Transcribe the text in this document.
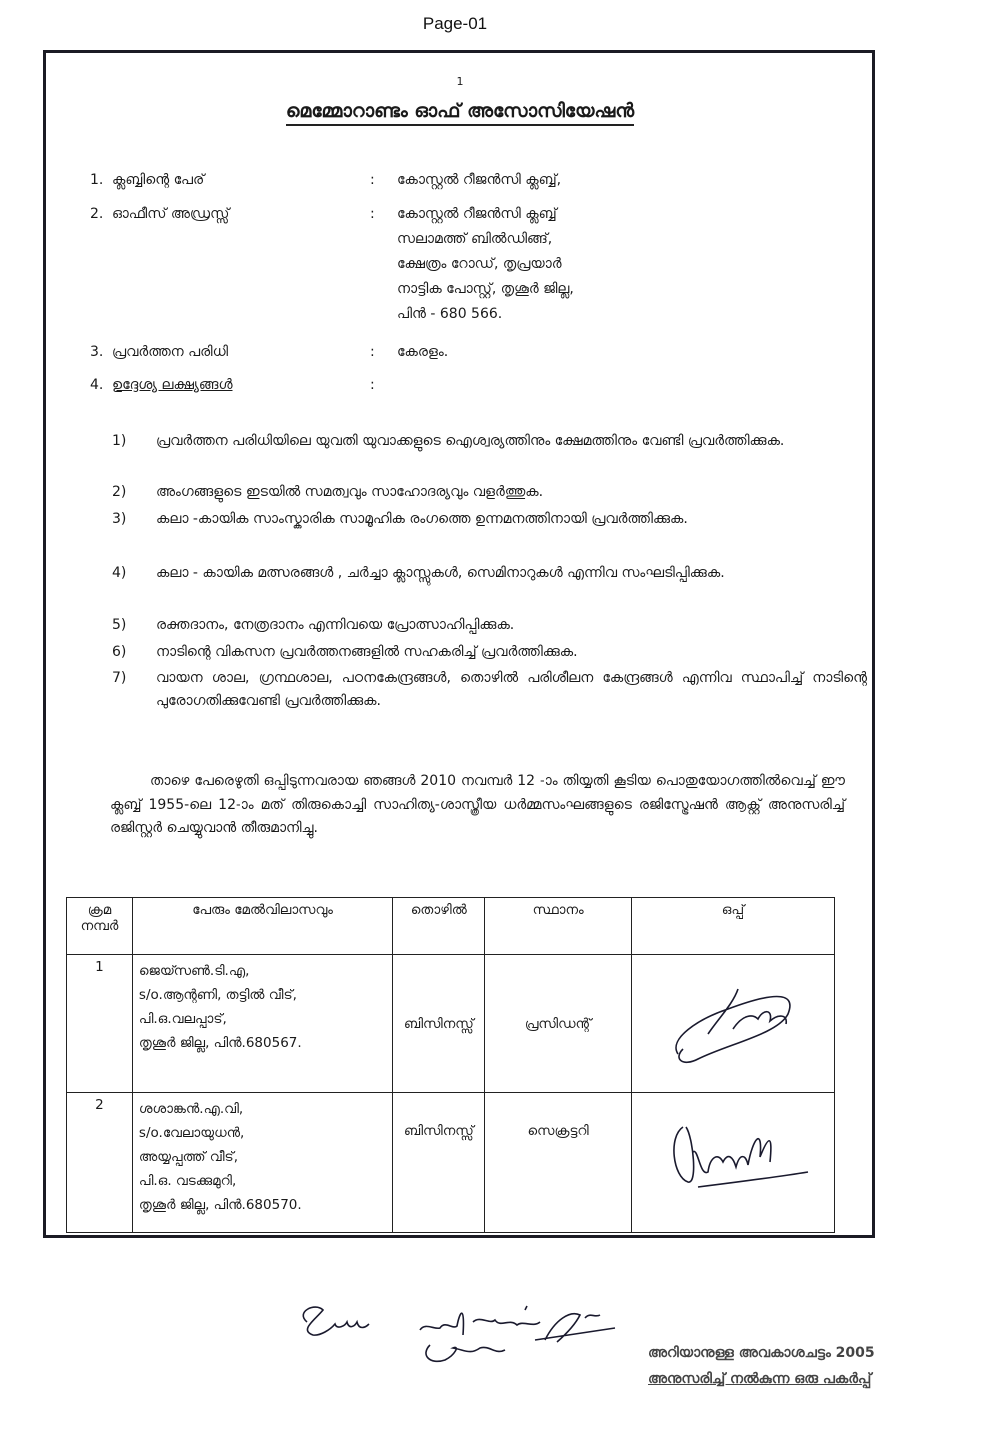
Page-01
1
മെമ്മോറാണ്ടം ഓഫ് അസോസിയേഷൻ
1. ക്ലബ്ബിന്റെ പേര്	: കോസ്റ്റൽ റീജൻസി ക്ലബ്ബ്,
2. ഓഫീസ് അഡ്രസ്സ്	: കോസ്റ്റൽ റീജൻസി ക്ലബ്ബ്
സലാമത്ത് ബിൽഡിങ്ങ്,
ക്ഷേത്രം റോഡ്, തൃപ്രയാർ
നാട്ടിക പോസ്റ്റ്, തൃശൂർ ജില്ല,
പിൻ - 680 566.
3. പ്രവർത്തന പരിധി	: കേരളം.
4. ഉദ്ദേശ്യ ലക്ഷ്യങ്ങൾ	:
1)	പ്രവർത്തന പരിധിയിലെ യുവതി യുവാക്കളുടെ ഐശ്വര്യത്തിനും ക്ഷേമത്തിനും വേണ്ടി പ്രവർത്തിക്കുക.
2)	അംഗങ്ങളുടെ ഇടയിൽ സമത്വവും സാഹോദര്യവും വളർത്തുക.
3)	കലാ -കായിക സാംസ്കാരിക സാമൂഹിക രംഗത്തെ ഉന്നമനത്തിനായി പ്രവർത്തിക്കുക.
4)	കലാ - കായിക മത്സരങ്ങൾ , ചർച്ചാ ക്ലാസ്സുകൾ, സെമിനാറുകൾ എന്നിവ സംഘടിപ്പിക്കുക.
5)	രക്തദാനം, നേത്രദാനം എന്നിവയെ പ്രോത്സാഹിപ്പിക്കുക.
6)	നാടിന്റെ വികസന പ്രവർത്തനങ്ങളിൽ സഹകരിച്ച് പ്രവർത്തിക്കുക.
7)	വായന ശാല, ഗ്രന്ഥശാല, പഠനകേന്ദ്രങ്ങൾ, തൊഴിൽ പരിശീലന കേന്ദ്രങ്ങൾ എന്നിവ സ്ഥാപിച്ച് നാടിന്റെ പുരോഗതിക്കുവേണ്ടി പ്രവർത്തിക്കുക.
താഴെ പേരെഴുതി ഒപ്പിടുന്നവരായ ഞങ്ങൾ 2010 നവമ്പർ 12 -ാം തിയ്യതി കൂടിയ പൊതുയോഗത്തിൽവെച്ച് ഈ ക്ലബ്ബ് 1955-ലെ 12-ാം മത് തിരുകൊച്ചി സാഹിത്യ-ശാസ്ത്രീയ ധർമ്മസംഘങ്ങളുടെ രജിസ്ട്രേഷൻ ആക്റ്റ് അനുസരിച്ച് രജിസ്റ്റർ ചെയ്യുവാൻ തീരുമാനിച്ചു.
ക്രമ നമ്പർ	പേരും മേൽവിലാസവും	തൊഴിൽ	സ്ഥാനം	ഒപ്പ്
1	ജെയ്സൺ.ടി.എ,
s/o.ആന്റണി, തട്ടിൽ വീട്,
പി.ഒ.വലപ്പാട്,
തൃശൂർ ജില്ല, പിൻ.680567.
	ബിസിനസ്സ്	പ്രസിഡന്റ്	
2	ശശാങ്കൻ.എ.വി,
s/o.വേലായുധൻ,
അയ്യപ്പത്ത് വീട്,
പി.ഒ. വടക്കുമുറി,
തൃശൂർ ജില്ല, പിൻ.680570.
	ബിസിനസ്സ്	സെക്രട്ടറി	
അറിയാനുള്ള അവകാശചട്ടം 2005
അനുസരിച്ച് നൽകുന്ന ഒരു പകർപ്പ്
